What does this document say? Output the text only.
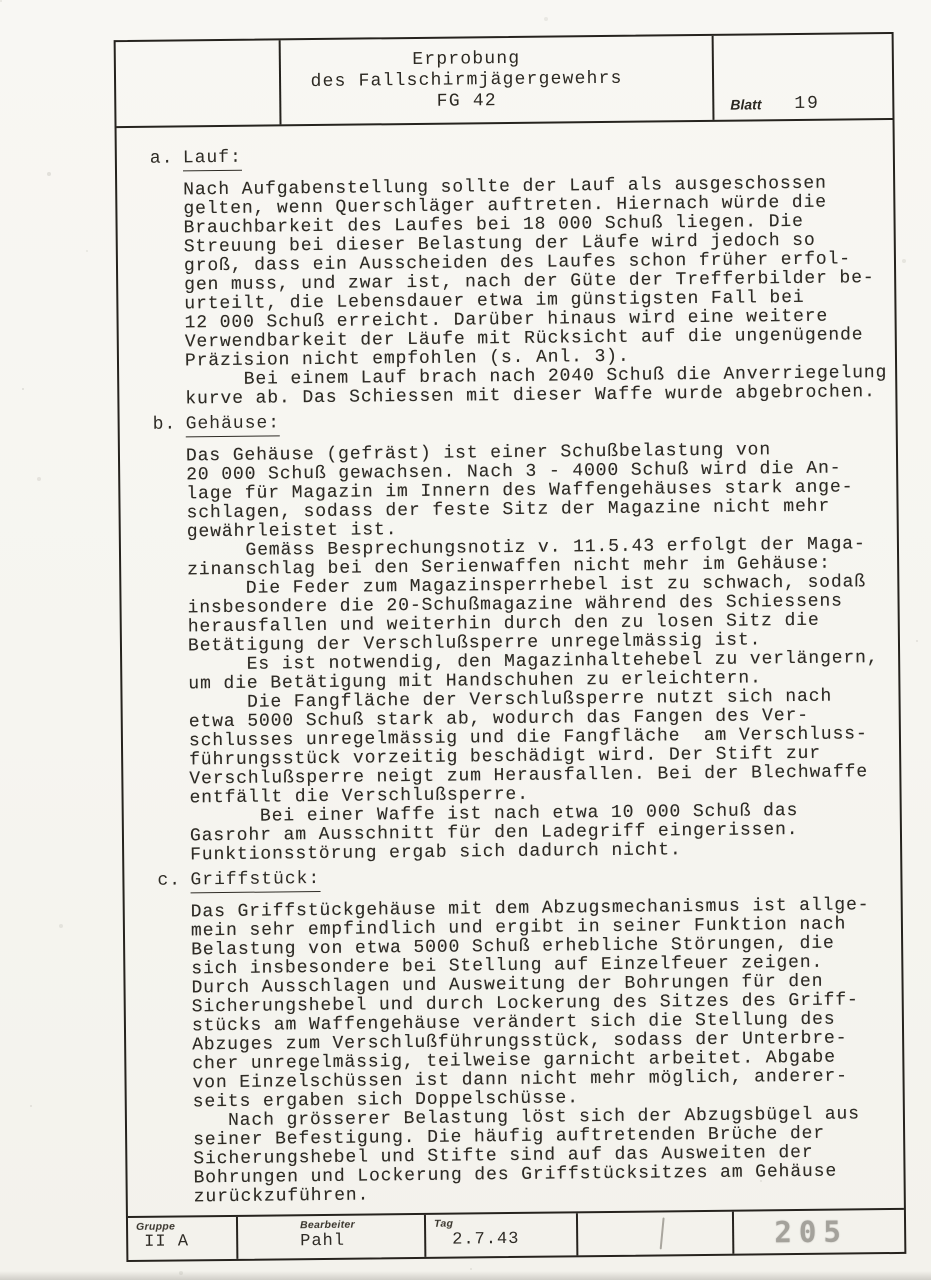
Erprobung
des Fallschirmjägergewehrs
FG 42	Blatt 19
a. Lauf:
Nach Aufgabenstellung sollte der Lauf als ausgeschossen
gelten, wenn Querschläger auftreten. Hiernach würde die
Brauchbarkeit des Laufes bei 18 000 Schuß liegen. Die
Streuung bei dieser Belastung der Läufe wird jedoch so
groß, dass ein Ausscheiden des Laufes schon früher erfol-
gen muss, und zwar ist, nach der Güte der Trefferbilder be-
urteilt, die Lebensdauer etwa im günstigsten Fall bei
12 000 Schuß erreicht. Darüber hinaus wird eine weitere
Verwendbarkeit der Läufe mit Rücksicht auf die ungenügende
Präzision nicht empfohlen (s. Anl. 3).
Bei einem Lauf brach nach 2040 Schuß die Anverriegelung
kurve ab. Das Schiessen mit dieser Waffe wurde abgebrochen.
b. Gehäuse:
Das Gehäuse (gefräst) ist einer Schußbelastung von
20 000 Schuß gewachsen. Nach 3 - 4000 Schuß wird die An-
lage für Magazin im Innern des Waffengehäuses stark ange-
schlagen, sodass der feste Sitz der Magazine nicht mehr
gewährleistet ist.
Gemäss Besprechungsnotiz v. 11.5.43 erfolgt der Maga-
zinanschlag bei den Serienwaffen nicht mehr im Gehäuse:
Die Feder zum Magazinsperrhebel ist zu schwach, sodaß
insbesondere die 20-Schußmagazine während des Schiessens
herausfallen und weiterhin durch den zu losen Sitz die
Betätigung der Verschlußsperre unregelmässig ist.
Es ist notwendig, den Magazinhaltehebel zu verlängern,
um die Betätigung mit Handschuhen zu erleichtern.
Die Fangfläche der Verschlußsperre nutzt sich nach
etwa 5000 Schuß stark ab, wodurch das Fangen des Ver-
schlusses unregelmässig und die Fangfläche  am Verschluss-
führungsstück vorzeitig beschädigt wird. Der Stift zur
Verschlußsperre neigt zum Herausfallen. Bei der Blechwaffe
entfällt die Verschlußsperre.
Bei einer Waffe ist nach etwa 10 000 Schuß das
Gasrohr am Ausschnitt für den Ladegriff eingerissen.
Funktionsstörung ergab sich dadurch nicht.
c. Griffstück:
Das Griffstückgehäuse mit dem Abzugsmechanismus ist allge-
mein sehr empfindlich und ergibt in seiner Funktion nach
Belastung von etwa 5000 Schuß erhebliche Störungen, die
sich insbesondere bei Stellung auf Einzelfeuer zeigen.
Durch Ausschlagen und Ausweitung der Bohrungen für den
Sicherungshebel und durch Lockerung des Sitzes des Griff-
stücks am Waffengehäuse verändert sich die Stellung des
Abzuges zum Verschlußführungsstück, sodass der Unterbre-
cher unregelmässig, teilweise garnicht arbeitet. Abgabe
von Einzelschüssen ist dann nicht mehr möglich, anderer-
seits ergaben sich Doppelschüsse.
Nach grösserer Belastung löst sich der Abzugsbügel aus
seiner Befestigung. Die häufig auftretenden Brüche der
Sicherungshebel und Stifte sind auf das Ausweiten der
Bohrungen und Lockerung des Griffstücksitzes am Gehäuse
zurückzuführen.
Gruppe
II A
Bearbeiter
Pahl
Tag
2.7.43	205
